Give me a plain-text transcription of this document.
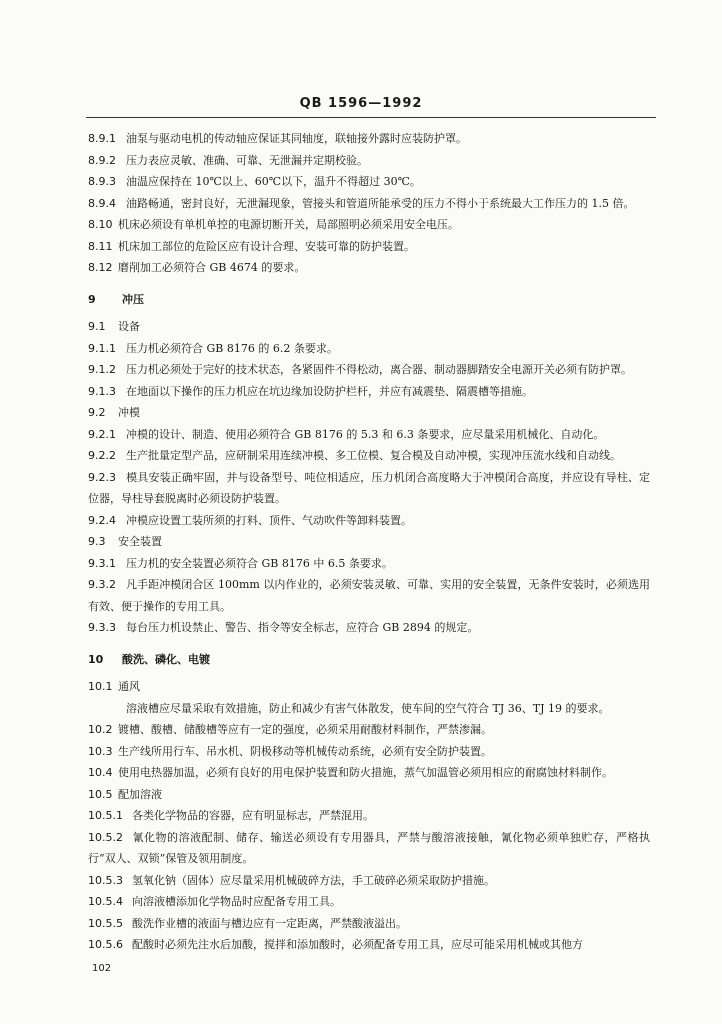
QB 1596—1992
8.9.1 油泵与驱动电机的传动轴应保证其同轴度，联轴接外露时应装防护罩。
8.9.2 压力表应灵敏、准确、可靠、无泄漏并定期校验。
8.9.3 油温应保持在 10℃以上、60℃以下，温升不得超过 30℃。
8.9.4 油路畅通，密封良好，无泄漏现象，管接头和管道所能承受的压力不得小于系统最大工作压力的 1.5 倍。
8.10 机床必须设有单机单控的电源切断开关，局部照明必须采用安全电压。
8.11 机床加工部位的危险区应有设计合理、安装可靠的防护装置。
8.12 磨削加工必须符合 GB 4674 的要求。
9 冲压
9.1 设备
9.1.1 压力机必须符合 GB 8176 的 6.2 条要求。
9.1.2 压力机必须处于完好的技术状态，各紧固件不得松动，离合器、制动器脚踏安全电源开关必须有防护罩。
9.1.3 在地面以下操作的压力机应在坑边缘加设防护栏杆，并应有减震垫、隔震槽等措施。
9.2 冲模
9.2.1 冲模的设计、制造、使用必须符合 GB 8176 的 5.3 和 6.3 条要求，应尽量采用机械化、自动化。
9.2.2 生产批量定型产品，应研制采用连续冲模、多工位模、复合模及自动冲模，实现冲压流水线和自动线。
9.2.3 模具安装正确牢固，并与设备型号、吨位相适应，压力机闭合高度略大于冲模闭合高度，并应设有导柱、定位器，导柱导套脱离时必须设防护装置。
9.2.4 冲模应设置工装所须的打料、顶件、气动吹件等卸料装置。
9.3 安全装置
9.3.1 压力机的安全装置必须符合 GB 8176 中 6.5 条要求。
9.3.2 凡手距冲模闭合区 100mm 以内作业的，必须安装灵敏、可靠、实用的安全装置，无条件安装时，必须选用有效、便于操作的专用工具。
9.3.3 每台压力机设禁止、警告、指令等安全标志，应符合 GB 2894 的规定。
10 酸洗、磷化、电镀
10.1 通风
溶液槽应尽量采取有效措施，防止和减少有害气体散发，使车间的空气符合 TJ 36、TJ 19 的要求。
10.2 镀槽、酸槽、储酸槽等应有一定的强度，必须采用耐酸材料制作，严禁渗漏。
10.3 生产线所用行车、吊水机、阴极移动等机械传动系统，必须有安全防护装置。
10.4 使用电热器加温，必须有良好的用电保护装置和防火措施，蒸气加温管必须用相应的耐腐蚀材料制作。
10.5 配加溶液
10.5.1 各类化学物品的容器，应有明显标志，严禁混用。
10.5.2 氰化物的溶液配制、储存、输送必须设有专用器具，严禁与酸溶液接触，氰化物必须单独贮存，严格执行“双人、双锁”保管及领用制度。
10.5.3 氢氧化钠（固体）应尽量采用机械破碎方法，手工破碎必须采取防护措施。
10.5.4 向溶液槽添加化学物品时应配备专用工具。
10.5.5 酸洗作业槽的液面与槽边应有一定距离，严禁酸液溢出。
10.5.6 配酸时必须先注水后加酸，搅拌和添加酸时，必须配备专用工具，应尽可能采用机械或其他方
102
